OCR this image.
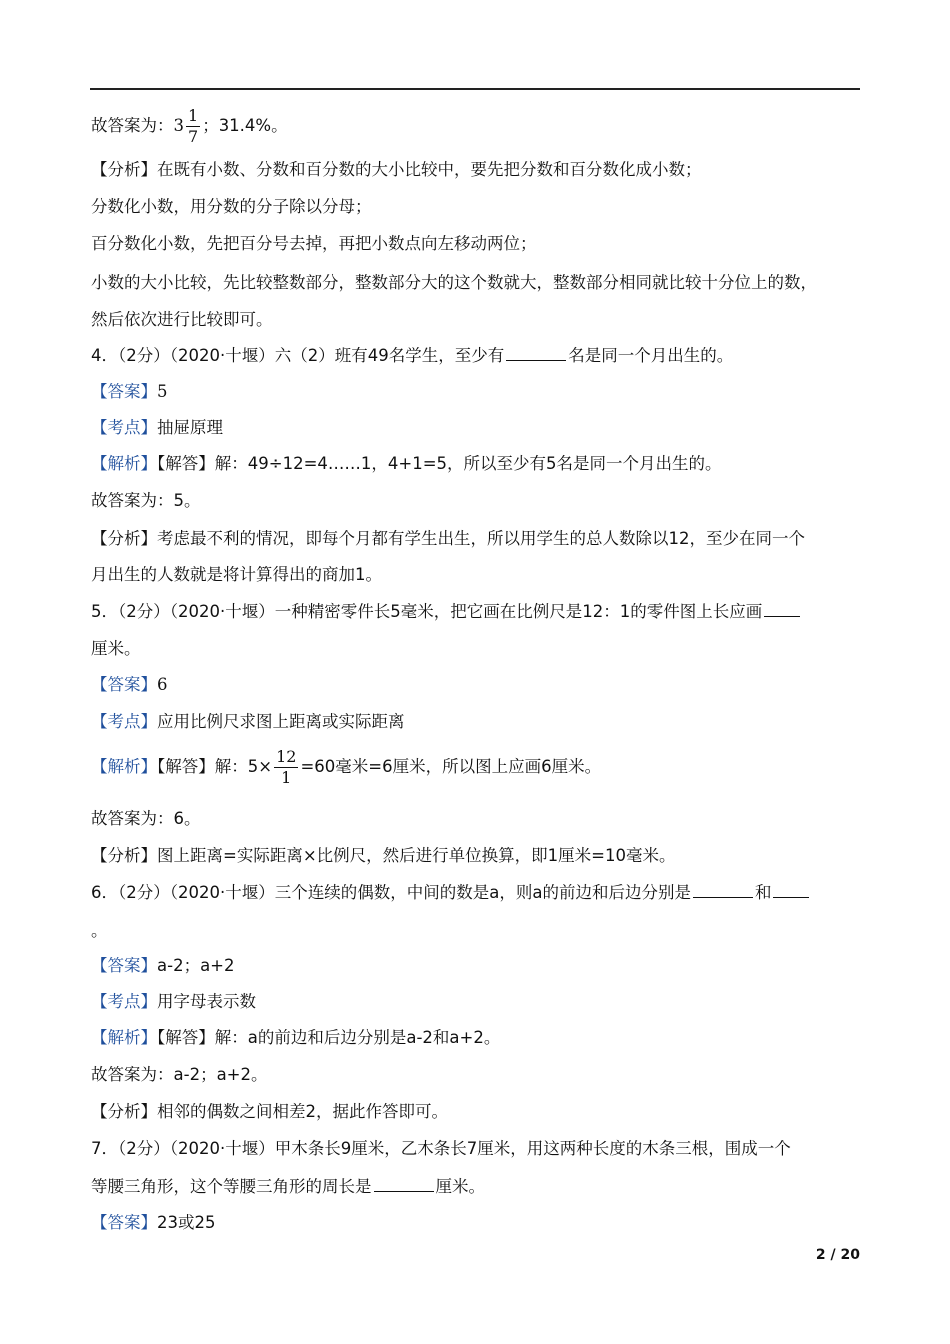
故答案为：$3 \frac{1}{7}$ ；31.4%。
【分析】在既有小数、分数和百分数的大小比较中，要先把分数和百分数化成小数；
分数化小数，用分数的分子除以分母；
百分数化小数，先把百分号去掉，再把小数点向左移动两位；
小数的大小比较，先比较整数部分，整数部分大的这个数就大，整数部分相同就比较十分位上的数，
然后依次进行比较即可。
4．（2分）（2020·十堰）六（2）班有49名学生，至少有	名是同一个月出生的。
【答案】5
【考点】抽屉原理
【解析】【解答】解：49÷12=4……1，4+1=5，所以至少有5名是同一个月出生的。
故答案为：5。
【分析】考虑最不利的情况，即每个月都有学生出生，所以用学生的总人数除以12，至少在同一个
月出生的人数就是将计算得出的商加1。
5．（2分）（2020·十堰）一种精密零件长5毫米，把它画在比例尺是12：1的零件图上长应画
厘米。
【答案】6
【考点】应用比例尺求图上距离或实际距离
【解析】【解答】解：$5\times \frac{12}{1} =60$毫米=6厘米，所以图上应画6厘米。
故答案为：6。
【分析】图上距离=实际距离×比例尺，然后进行单位换算，即1厘米=10毫米。
6．（2分）（2020·十堰）三个连续的偶数，中间的数是a，则a的前边和后边分别是	和
。
【答案】a-2；a+2
【考点】用字母表示数
【解析】【解答】解：a的前边和后边分别是a-2和a+2。
故答案为：a-2；a+2。
【分析】相邻的偶数之间相差2，据此作答即可。
7．（2分）（2020·十堰）甲木条长9厘米，乙木条长7厘米，用这两种长度的木条三根，围成一个
等腰三角形，这个等腰三角形的周长是	厘米。
【答案】23或25
2 / 20
